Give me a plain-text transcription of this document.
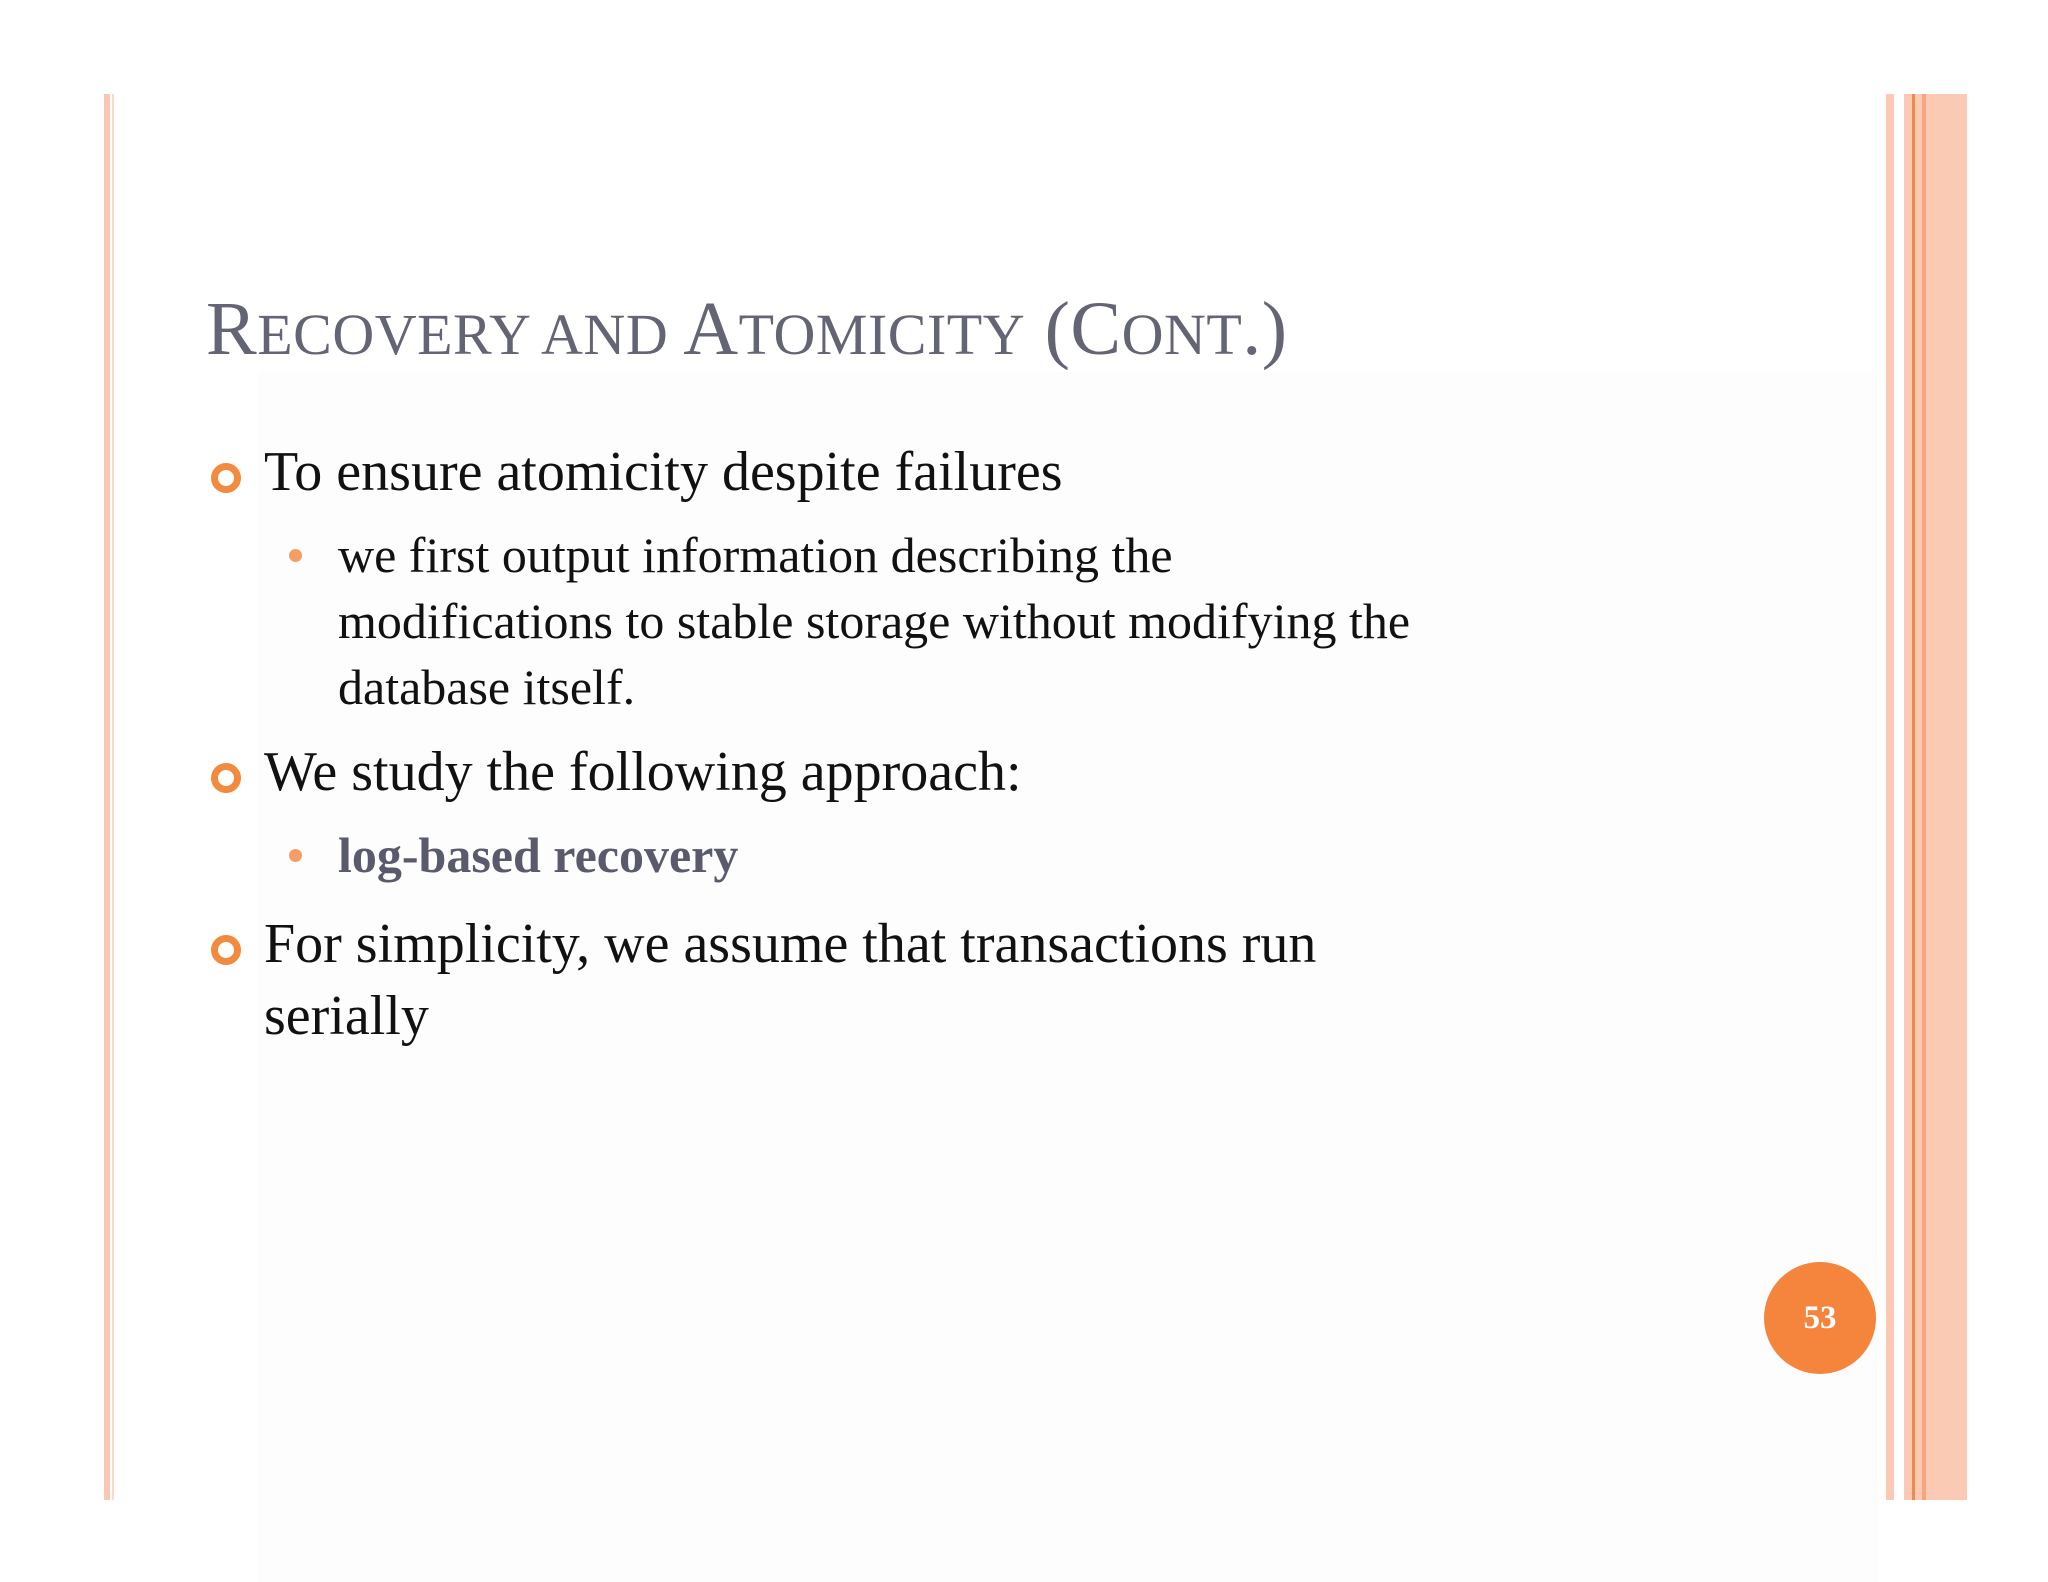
RECOVERY AND ATOMICITY (CONT.)

To ensure atomicity despite failures

we first output information describing the

modifications to stable storage without modifying the

database itself.

We study the following approach:

log-based recovery

For simplicity, we assume that transactions run

serially

53
